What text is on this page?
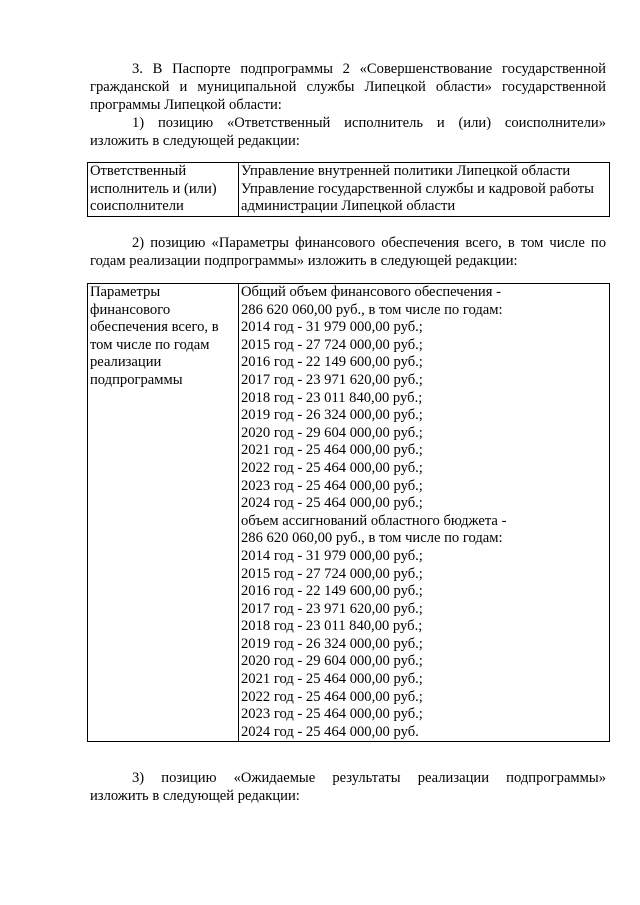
3. В Паспорте подпрограммы 2 «Совершенствование государственной
гражданской и муниципальной службы Липецкой области» государственной
программы Липецкой области:
1) позицию «Ответственный исполнитель и (или) соисполнители»
изложить в следующей редакции:
Ответственный
исполнитель и (или)
соисполнители

Управление внутренней политики Липецкой области
Управление государственной службы и кадровой работы
администрации Липецкой области
2) позицию «Параметры финансового обеспечения всего, в том числе по
годам реализации подпрограммы» изложить в следующей редакции:
Параметры
финансового
обеспечения всего, в
том числе по годам
реализации
подпрограммы

Общий объем финансового обеспечения -
286 620 060,00 руб., в том числе по годам:
2014 год - 31 979 000,00 руб.;
2015 год - 27 724 000,00 руб.;
2016 год - 22 149 600,00 руб.;
2017 год - 23 971 620,00 руб.;
2018 год - 23 011 840,00 руб.;
2019 год - 26 324 000,00 руб.;
2020 год - 29 604 000,00 руб.;
2021 год - 25 464 000,00 руб.;
2022 год - 25 464 000,00 руб.;
2023 год - 25 464 000,00 руб.;
2024 год - 25 464 000,00 руб.;
объем ассигнований областного бюджета -
286 620 060,00 руб., в том числе по годам:
2014 год - 31 979 000,00 руб.;
2015 год - 27 724 000,00 руб.;
2016 год - 22 149 600,00 руб.;
2017 год - 23 971 620,00 руб.;
2018 год - 23 011 840,00 руб.;
2019 год - 26 324 000,00 руб.;
2020 год - 29 604 000,00 руб.;
2021 год - 25 464 000,00 руб.;
2022 год - 25 464 000,00 руб.;
2023 год - 25 464 000,00 руб.;
2024 год - 25 464 000,00 руб.
3) позицию «Ожидаемые результаты реализации подпрограммы»
изложить в следующей редакции:
